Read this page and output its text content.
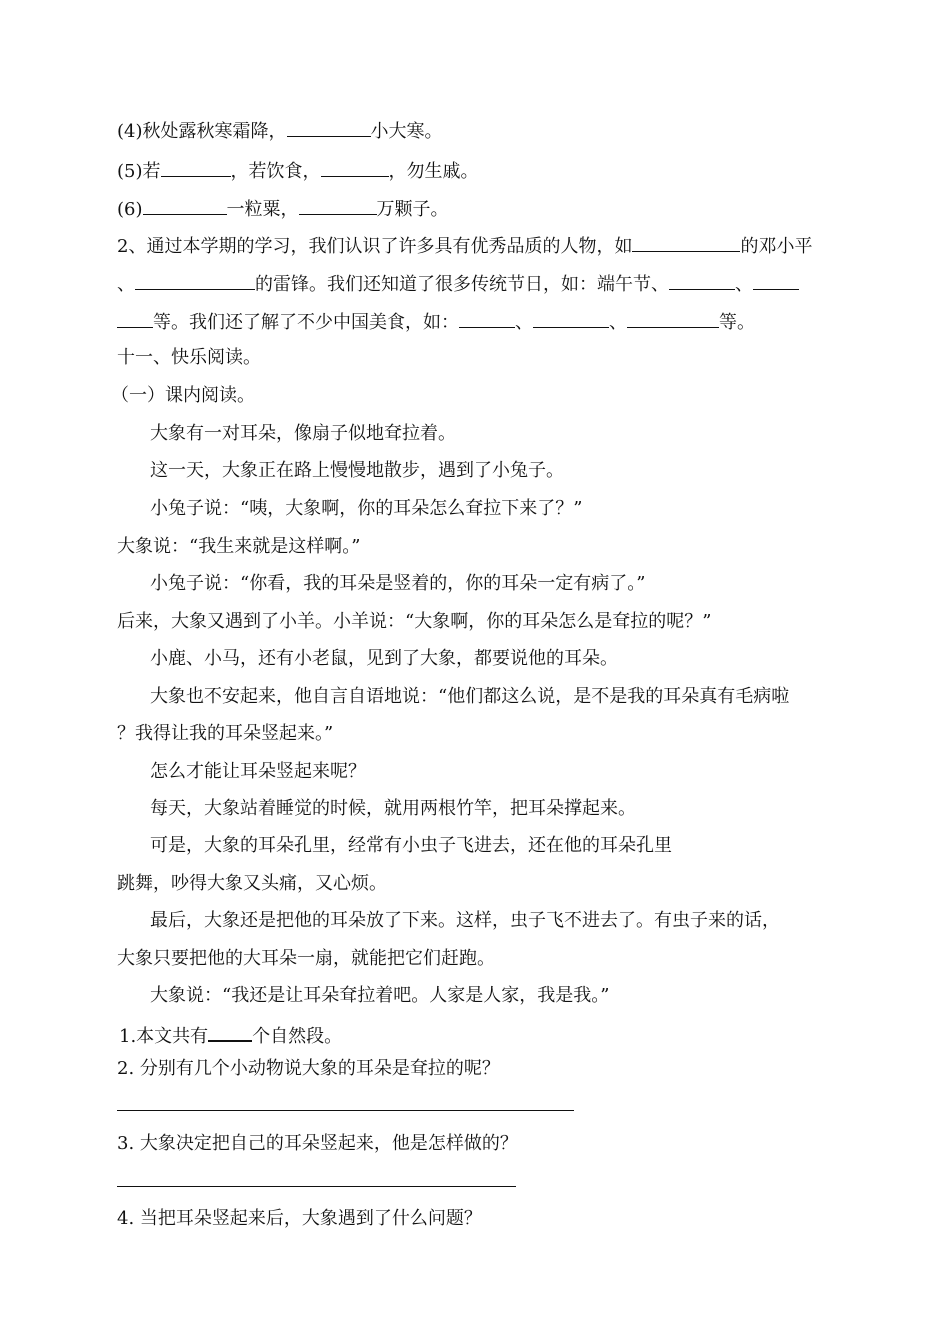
(4)秋处露秋寒霜降，	小大寒。
(5)若	，若饮食，	，勿生戚。
(6)	一粒粟，	万颗子。
2、通过本学期的学习，我们认识了许多具有优秀品质的人物，如	的邓小平
、	的雷锋。我们还知道了很多传统节日，如：端午节、	、
等。我们还了解了不少中国美食，如：	、	、	等。
十一、快乐阅读。
（一）课内阅读。
大象有一对耳朵，像扇子似地耷拉着。
这一天，大象正在路上慢慢地散步，遇到了小兔子。
小兔子说：“咦，大象啊，你的耳朵怎么耷拉下来了？”
大象说：“我生来就是这样啊。”
小兔子说：“你看，我的耳朵是竖着的，你的耳朵一定有病了。”
后来，大象又遇到了小羊。小羊说：“大象啊，你的耳朵怎么是耷拉的呢？”
小鹿、小马，还有小老鼠，见到了大象，都要说他的耳朵。
大象也不安起来，他自言自语地说：“他们都这么说，是不是我的耳朵真有毛病啦
？我得让我的耳朵竖起来。”
怎么才能让耳朵竖起来呢？
每天，大象站着睡觉的时候，就用两根竹竿，把耳朵撑起来。
可是，大象的耳朵孔里，经常有小虫子飞进去，还在他的耳朵孔里
跳舞，吵得大象又头痛，又心烦。
最后，大象还是把他的耳朵放了下来。这样，虫子飞不进去了。有虫子来的话，
大象只要把他的大耳朵一扇，就能把它们赶跑。
大象说：“我还是让耳朵耷拉着吧。人家是人家，我是我。”
1.本文共有 个自然段。
2. 分别有几个小动物说大象的耳朵是耷拉的呢？
3. 大象决定把自己的耳朵竖起来，他是怎样做的？
4. 当把耳朵竖起来后，大象遇到了什么问题？
